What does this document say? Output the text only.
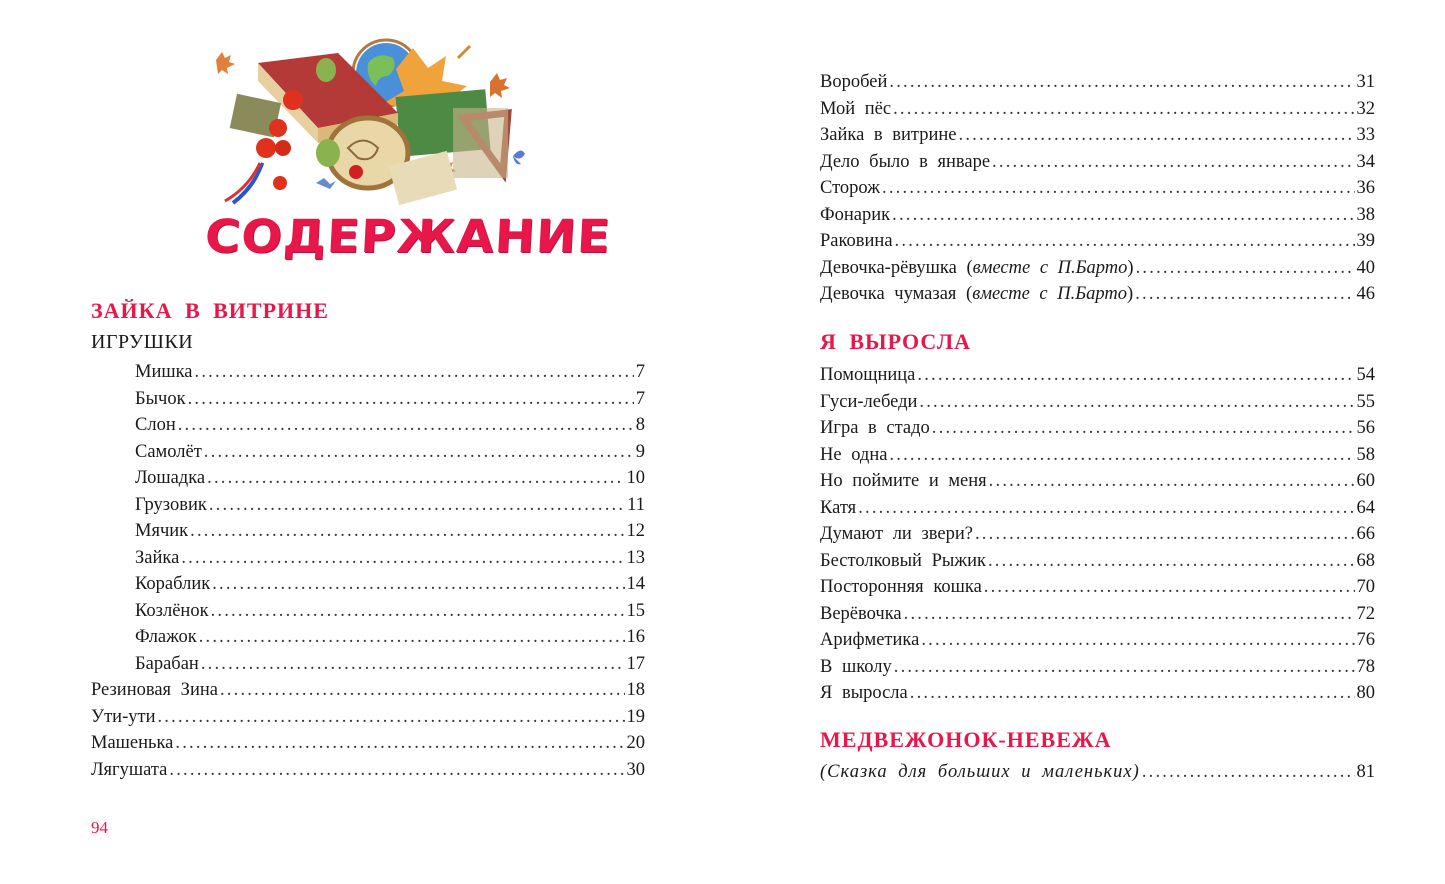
СОДЕРЖАНИЕ
ЗАЙКА В ВИТРИНЕ
ИГРУШКИ
Мишка .....	7
Бычок .....	7
Слон .....	8
Самолёт .....	9
Лошадка .....	10
Грузовик .....	11
Мячик .....	12
Зайка .....	13
Кораблик .....	14
Козлёнок .....	15
Флажок .....	16
Барабан .....	17
Резиновая Зина .....	18
Ути-ути .....	19
Машенька .....	20
Лягушата .....	30
94
Воробей .....	31
Мой пёс .....	32
Зайка в витрине .....	33
Дело было в январе .....	34
Сторож .....	36
Фонарик .....	38
Раковина .....	39
Девочка-рёвушка (вместе с П.Барто) .....	40
Девочка чумазая (вместе с П.Барто) .....	46
Я ВЫРОСЛА
Помощница .....	54
Гуси-лебеди .....	55
Игра в стадо .....	56
Не одна .....	58
Но поймите и меня .....	60
Катя .....	64
Думают ли звери? .....	66
Бестолковый Рыжик .....	68
Посторонняя кошка .....	70
Верёвочка .....	72
Арифметика .....	76
В школу .....	78
Я выросла .....	80
МЕДВЕЖОНОК-НЕВЕЖА
(Сказка для больших и маленьких) .....	81
